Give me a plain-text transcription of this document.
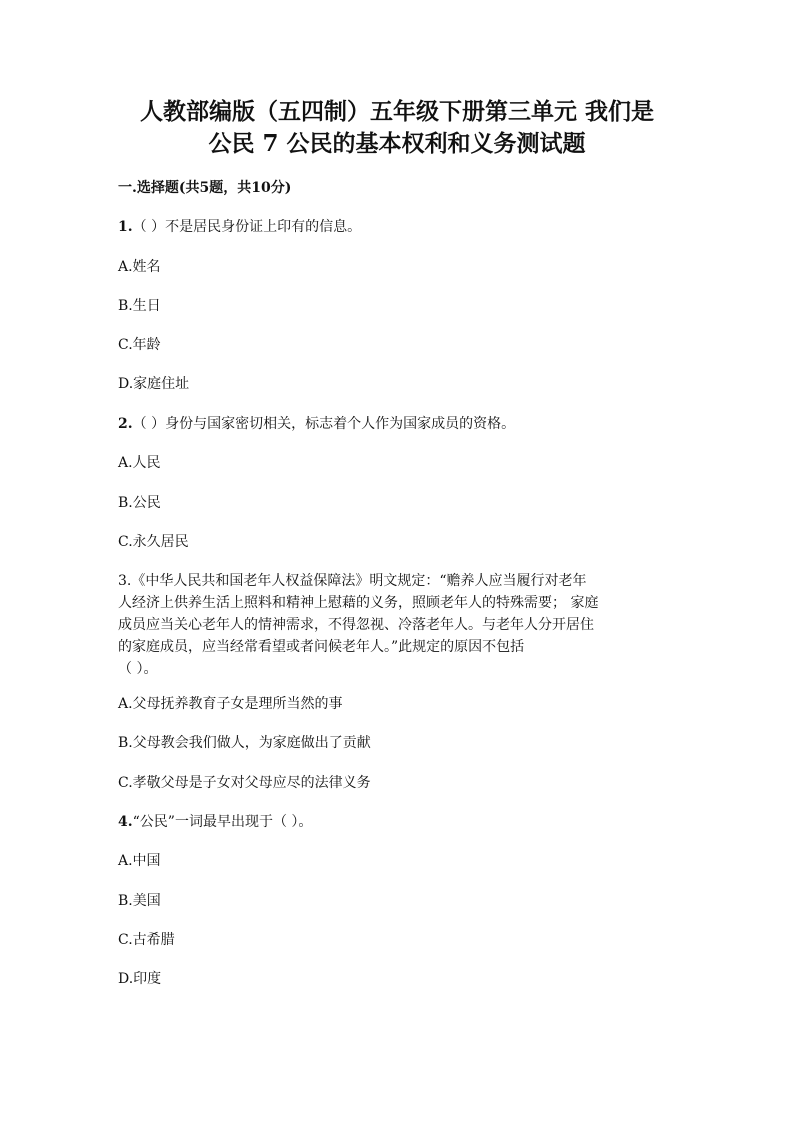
人教部编版（五四制）五年级下册第三单元 我们是
公民 7 公民的基本权利和义务测试题
一.选择题(共5题，共10分)
1.（ ）不是居民身份证上印有的信息。
A.姓名
B.生日
C.年龄
D.家庭住址
2.（ ）身份与国家密切相关，标志着个人作为国家成员的资格。
A.人民
B.公民
C.永久居民
3.《中华人民共和国老年人权益保障法》明文规定：“赡养人应当履行对老年
人经济上供养生活上照料和精神上慰藉的义务，照顾老年人的特殊需要； 家庭
成员应当关心老年人的情神需求，不得忽视、冷落老年人。与老年人分开居住
的家庭成员，应当经常看望或者问候老年人。”此规定的原因不包括
（ ）。
A.父母抚养教育子女是理所当然的事
B.父母教会我们做人，为家庭做出了贡献
C.孝敬父母是子女对父母应尽的法律义务
4.“公民”一词最早出现于（ ）。
A.中国
B.美国
C.古希腊
D.印度
